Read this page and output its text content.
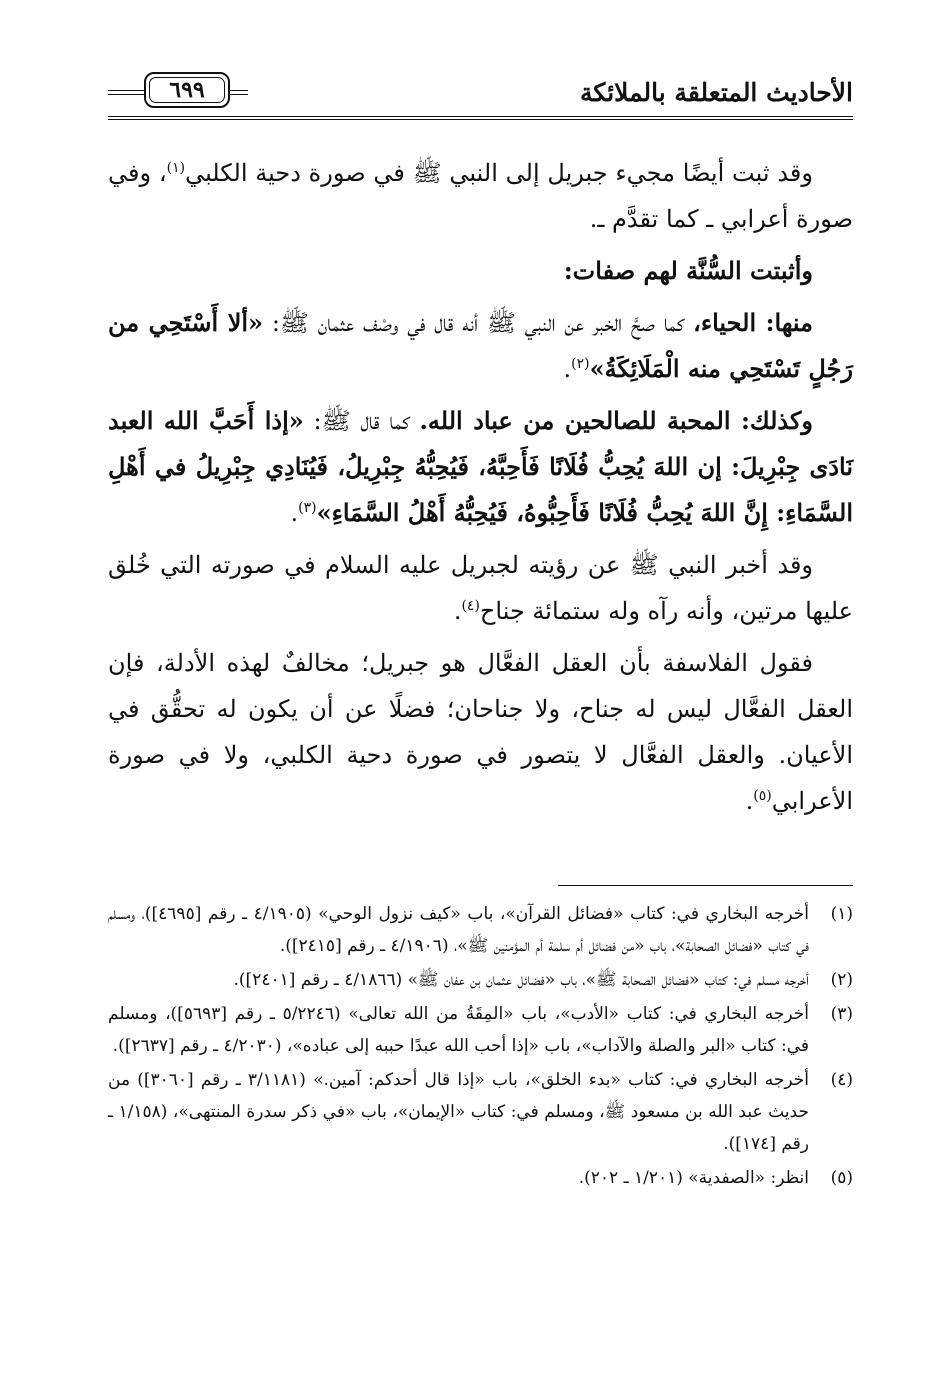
الأحاديث المتعلقة بالملائكة
٦٩٩

وقد ثبت أيضًا مجيء جبريل إلى النبي ﷺ في صورة دحية الكلبي$^{(١)}$، وفي صورة أعرابي ـ كما تقدَّم ـ.

وأثبتت السُّنَّة لهم صفات:

منها: الحياء، كما صحَّ الخبر عن النبي ﷺ أنه قال في وصْف عثمان ﷺ: «ألا أَسْتَحِي من رَجُلٍ تَسْتَحِي منه الْمَلَائِكَةُ»$^{(٢)}$.

وكذلك: المحبة للصالحين من عباد الله. كما قال ﷺ: «إذا أَحَبَّ الله العبد نَادَى جِبْرِيلَ: إن اللهَ يُحِبُّ فُلَانًا فَأَحِبَّهُ، فَيُحِبُّهُ جِبْرِيلُ، فَيُنَادِي جِبْرِيلُ في أَهْلِ السَّمَاءِ: إِنَّ اللهَ يُحِبُّ فُلَانًا فَأَحِبُّوهُ، فَيُحِبُّهُ أَهْلُ السَّمَاءِ»$^{(٣)}$.

وقد أخبر النبي ﷺ عن رؤيته لجبريل عليه السلام في صورته التي خُلق عليها مرتين، وأنه رآه وله ستمائة جناح$^{(٤)}$.

فقول الفلاسفة بأن العقل الفعَّال هو جبريل؛ مخالفٌ لهذه الأدلة، فإن العقل الفعَّال ليس له جناح، ولا جناحان؛ فضلًا عن أن يكون له تحقُّق في الأعيان. والعقل الفعَّال لا يتصور في صورة دحية الكلبي، ولا في صورة الأعرابي$^{(٥)}$.

(١)
أخرجه البخاري في: كتاب «فضائل القرآن»، باب «كيف نزول الوحي» (٤/١٩٠٥ ـ رقم [٤٦٩٥])، ومسلم في كتاب «فضائل الصحابة»، باب «من فضائل أم سلمة أم المؤمنين ﷺ»، (٤/١٩٠٦ ـ رقم [٢٤١٥]).
(٢)
أخرجه مسلم في: كتاب «فضائل الصحابة ﷺ»، باب «فضائل عثمان بن عفان ﷺ» (٤/١٨٦٦ ـ رقم [٢٤٠١]).
(٣)
أخرجه البخاري في: كتاب «الأدب»، باب «المِقَةُ من الله تعالى» (٥/٢٢٤٦ ـ رقم [٥٦٩٣])، ومسلم في: كتاب «البر والصلة والآداب»، باب «إذا أحب الله عبدًا حببه إلى عباده»، (٤/٢٠٣٠ ـ رقم [٢٦٣٧]).
(٤)
أخرجه البخاري في: كتاب «بدء الخلق»، باب «إذا قال أحدكم: آمين.» (٣/١١٨١ ـ رقم [٣٠٦٠]) من حديث عبد الله بن مسعود ﷺ، ومسلم في: كتاب «الإيمان»، باب «في ذكر سدرة المنتهى»، (١/١٥٨ ـ رقم [١٧٤]).
(٥)
انظر: «الصفدية» (١/٢٠١ ـ ٢٠٢).
